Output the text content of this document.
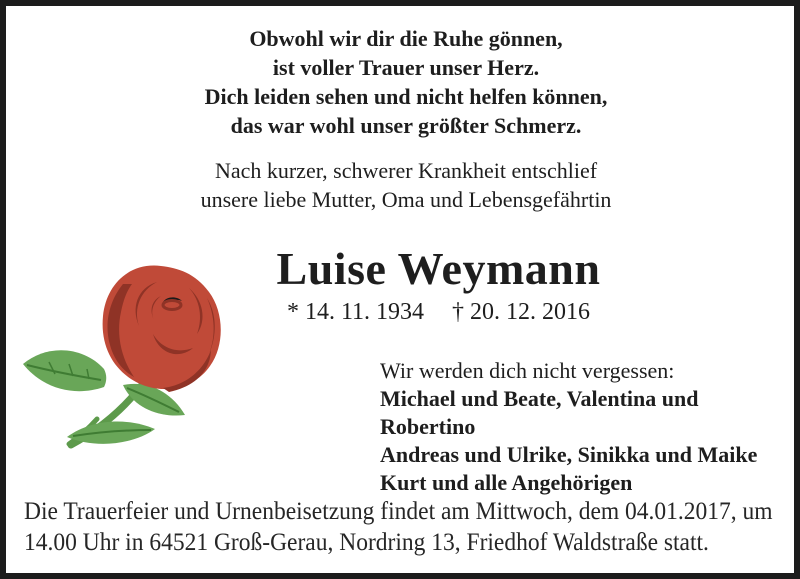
Obwohl wir dir die Ruhe gönnen,
ist voller Trauer unser Herz.
Dich leiden sehen und nicht helfen können,
das war wohl unser größter Schmerz.
Nach kurzer, schwerer Krankheit entschlief
unsere liebe Mutter, Oma und Lebensgefährtin
Luise Weymann
* 14. 11. 1934 † 20. 12. 2016
Wir werden dich nicht vergessen:
Michael und Beate, Valentina und Robertino
Andreas und Ulrike, Sinikka und Maike
Kurt und alle Angehörigen
Die Trauerfeier und Urnenbeisetzung findet am Mittwoch, dem 04.01.2017, um
14.00 Uhr in 64521 Groß-Gerau, Nordring 13, Friedhof Waldstraße statt.
